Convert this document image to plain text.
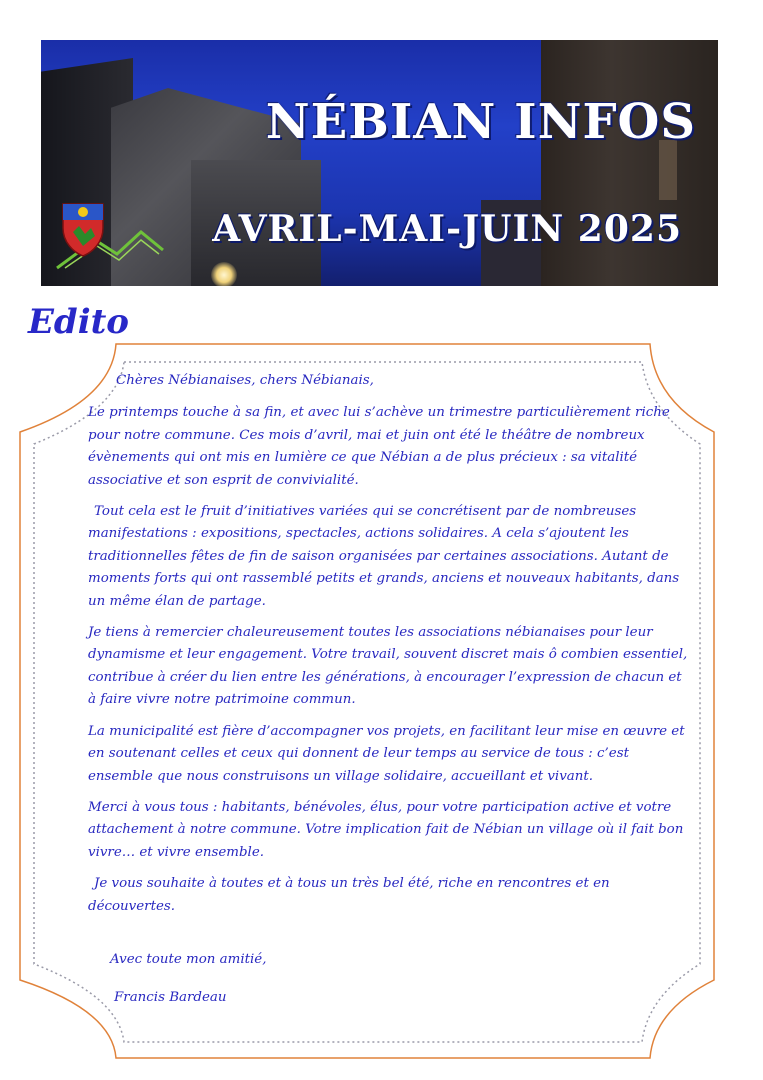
NÉBIAN INFOS
AVRIL-MAI-JUIN 2025
Edito

Chères Nébianaises, chers Nébianais,

Le printemps touche à sa fin, et avec lui s’achève un trimestre particulièrement riche pour notre commune. Ces mois d’avril, mai et juin ont été le théâtre de nombreux évènements qui ont mis en lumière ce que Nébian a de plus précieux : sa vitalité associative et son esprit de convivialité.

Tout cela est le fruit d’initiatives variées qui se concrétisent par de nombreuses manifestations : expositions, spectacles, actions solidaires. A cela s’ajoutent les traditionnelles fêtes de fin de saison organisées par certaines associations. Autant de moments forts qui ont rassemblé petits et grands, anciens et nouveaux habitants, dans un même élan de partage.

Je tiens à remercier chaleureusement toutes les associations nébianaises pour leur dynamisme et leur engagement. Votre travail, souvent discret mais ô combien essentiel, contribue à créer du lien entre les générations, à encourager l’expression de chacun et à faire vivre notre patrimoine commun.

La municipalité est fière d’accompagner vos projets, en facilitant leur mise en œuvre et en soutenant celles et ceux qui donnent de leur temps au service de tous : c’est ensemble que nous construisons un village solidaire, accueillant et vivant.

Merci à vous tous : habitants, bénévoles, élus, pour votre participation active et votre attachement à notre commune. Votre implication fait de Nébian un village où il fait bon vivre… et vivre ensemble.

Je vous souhaite à toutes et à tous un très bel été, riche en rencontres et en découvertes.

Avec toute mon amitié,

Francis Bardeau
